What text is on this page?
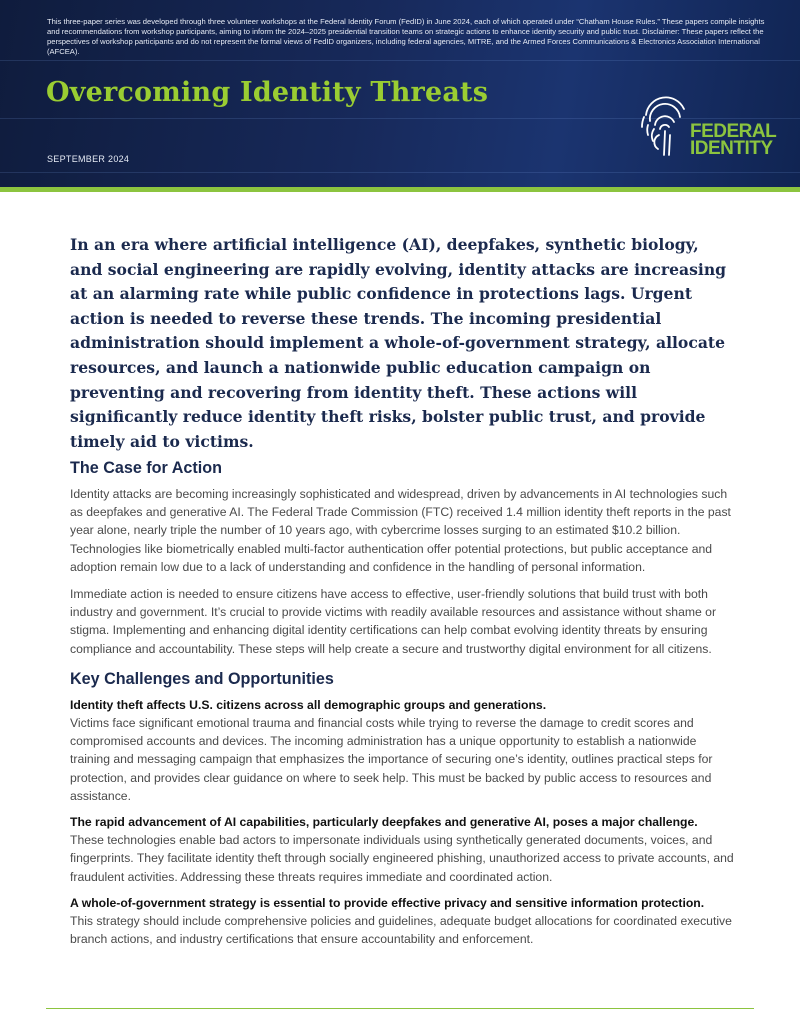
This three-paper series was developed through three volunteer workshops at the Federal Identity Forum (FedID) in June 2024, each of which operated under “Chatham House Rules.” These papers compile insights and recommendations from workshop participants, aiming to inform the 2024–2025 presidential transition teams on strategic actions to enhance identity security and public trust. Disclaimer: These papers reflect the perspectives of workshop participants and do not represent the formal views of FedID organizers, including federal agencies, MITRE, and the Armed Forces Communications & Electronics Association International (AFCEA).
Overcoming Identity Threats
SEPTEMBER 2024
FEDERAL
IDENTITY

In an era where artificial intelligence (AI), deepfakes, synthetic biology, and social engineering are rapidly evolving, identity attacks are increasing at an alarming rate while public confidence in protections lags. Urgent action is needed to reverse these trends. The incoming presidential administration should implement a whole-of-government strategy, allocate resources, and launch a nationwide public education campaign on preventing and recovering from identity theft. These actions will significantly reduce identity theft risks, bolster public trust, and provide timely aid to victims.

The Case for Action

Identity attacks are becoming increasingly sophisticated and widespread, driven by advancements in AI technologies such as deepfakes and generative AI. The Federal Trade Commission (FTC) received 1.4 million identity theft reports in the past year alone, nearly triple the number of 10 years ago, with cybercrime losses surging to an estimated $10.2 billion. Technologies like biometrically enabled multi-factor authentication offer potential protections, but public acceptance and adoption remain low due to a lack of understanding and confidence in the handling of personal information.

Immediate action is needed to ensure citizens have access to effective, user-friendly solutions that build trust with both industry and government. It’s crucial to provide victims with readily available resources and assistance without shame or stigma. Implementing and enhancing digital identity certifications can help combat evolving identity threats by ensuring compliance and accountability. These steps will help create a secure and trustworthy digital environment for all citizens.

Key Challenges and Opportunities

Identity theft affects U.S. citizens across all demographic groups and generations.

Victims face significant emotional trauma and financial costs while trying to reverse the damage to credit scores and compromised accounts and devices. The incoming administration has a unique opportunity to establish a nationwide training and messaging campaign that emphasizes the importance of securing one’s identity, outlines practical steps for protection, and provides clear guidance on where to seek help. This must be backed by public access to resources and assistance.

The rapid advancement of AI capabilities, particularly deepfakes and generative AI, poses a major challenge.

These technologies enable bad actors to impersonate individuals using synthetically generated documents, voices, and fingerprints. They facilitate identity theft through socially engineered phishing, unauthorized access to private accounts, and fraudulent activities. Addressing these threats requires immediate and coordinated action.

A whole-of-government strategy is essential to provide effective privacy and sensitive information protection.

This strategy should include comprehensive policies and guidelines, adequate budget allocations for coordinated executive branch actions, and industry certifications that ensure accountability and enforcement.
